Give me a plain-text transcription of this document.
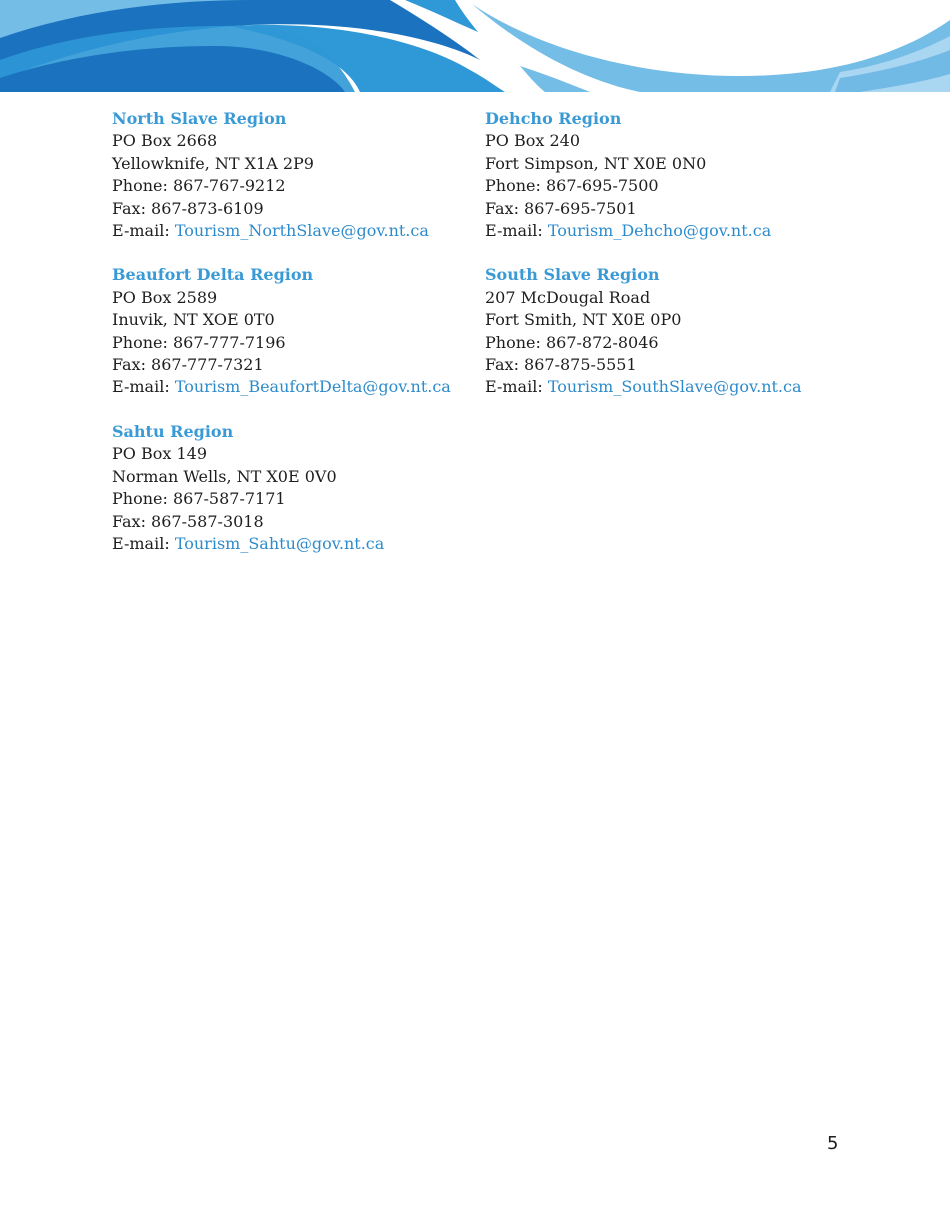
North Slave Region
PO Box 2668
Yellowknife, NT X1A 2P9
Phone: 867-767-9212
Fax: 867-873-6109
E-mail: Tourism_NorthSlave@gov.nt.ca
Beaufort Delta Region
PO Box 2589
Inuvik, NT XOE 0T0
Phone: 867-777-7196
Fax: 867-777-7321
E-mail: Tourism_BeaufortDelta@gov.nt.ca
Sahtu Region
PO Box 149
Norman Wells, NT X0E 0V0
Phone: 867-587-7171
Fax: 867-587-3018
E-mail: Tourism_Sahtu@gov.nt.ca
Dehcho Region
PO Box 240
Fort Simpson, NT X0E 0N0
Phone: 867-695-7500
Fax: 867-695-7501
E-mail: Tourism_Dehcho@gov.nt.ca
South Slave Region
207 McDougal Road
Fort Smith, NT X0E 0P0
Phone: 867-872-8046
Fax: 867-875-5551
E-mail: Tourism_SouthSlave@gov.nt.ca
5
